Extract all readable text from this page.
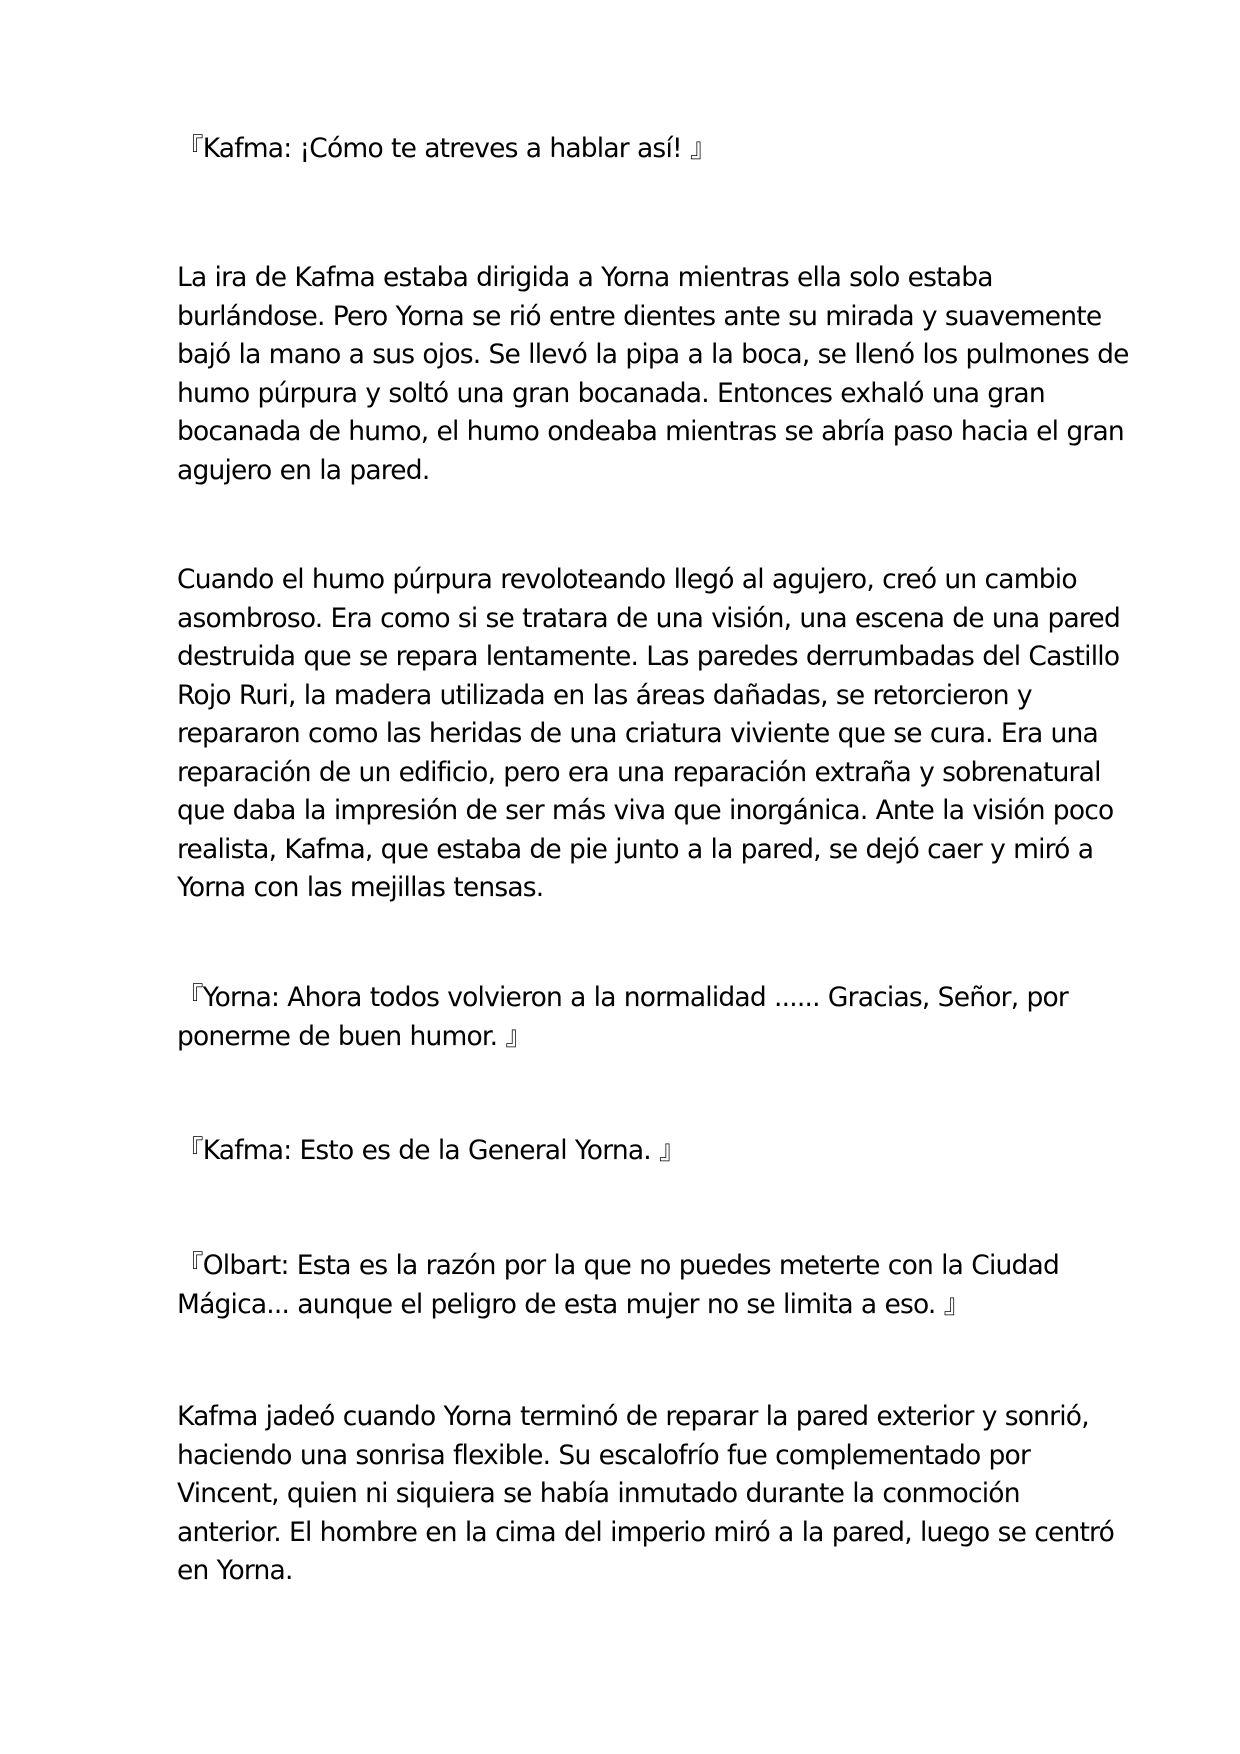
『Kafma: ¡Cómo te atreves a hablar así! 』

La ira de Kafma estaba dirigida a Yorna mientras ella solo estaba
burlándose. Pero Yorna se rió entre dientes ante su mirada y suavemente
bajó la mano a sus ojos. Se llevó la pipa a la boca, se llenó los pulmones de
humo púrpura y soltó una gran bocanada. Entonces exhaló una gran
bocanada de humo, el humo ondeaba mientras se abría paso hacia el gran
agujero en la pared.

Cuando el humo púrpura revoloteando llegó al agujero, creó un cambio
asombroso. Era como si se tratara de una visión, una escena de una pared
destruida que se repara lentamente. Las paredes derrumbadas del Castillo
Rojo Ruri, la madera utilizada en las áreas dañadas, se retorcieron y
repararon como las heridas de una criatura viviente que se cura. Era una
reparación de un edificio, pero era una reparación extraña y sobrenatural
que daba la impresión de ser más viva que inorgánica. Ante la visión poco
realista, Kafma, que estaba de pie junto a la pared, se dejó caer y miró a
Yorna con las mejillas tensas.

『Yorna: Ahora todos volvieron a la normalidad ...... Gracias, Señor, por
ponerme de buen humor. 』

『Kafma: Esto es de la General Yorna. 』

『Olbart: Esta es la razón por la que no puedes meterte con la Ciudad
Mágica... aunque el peligro de esta mujer no se limita a eso. 』

Kafma jadeó cuando Yorna terminó de reparar la pared exterior y sonrió,
haciendo una sonrisa flexible. Su escalofrío fue complementado por
Vincent, quien ni siquiera se había inmutado durante la conmoción
anterior. El hombre en la cima del imperio miró a la pared, luego se centró
en Yorna.
